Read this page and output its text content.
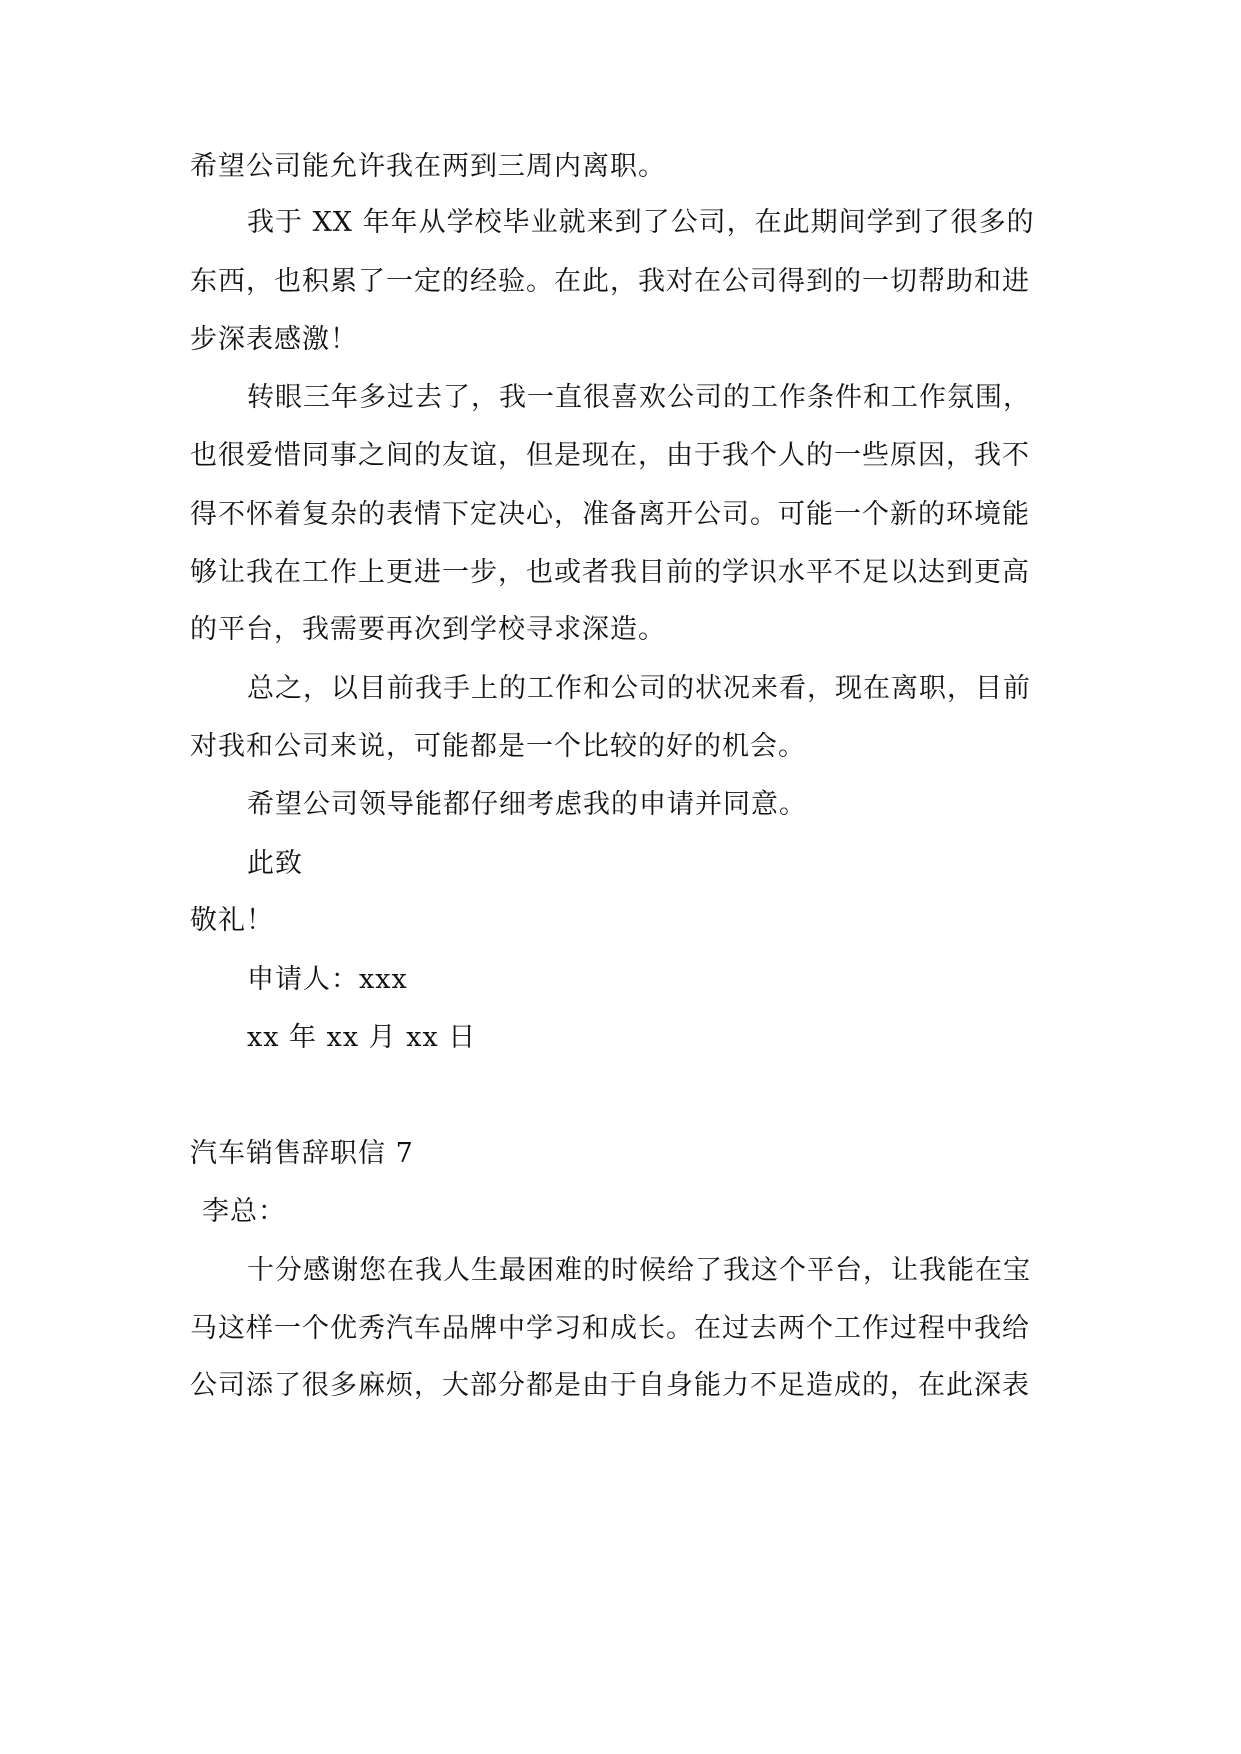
希望公司能允许我在两到三周内离职。
我于 XX 年年从学校毕业就来到了公司，在此期间学到了很多的
东西，也积累了一定的经验。在此，我对在公司得到的一切帮助和进
步深表感激！
转眼三年多过去了，我一直很喜欢公司的工作条件和工作氛围，
也很爱惜同事之间的友谊，但是现在，由于我个人的一些原因，我不
得不怀着复杂的表情下定决心，准备离开公司。可能一个新的环境能
够让我在工作上更进一步，也或者我目前的学识水平不足以达到更高
的平台，我需要再次到学校寻求深造。
总之，以目前我手上的工作和公司的状况来看，现在离职，目前
对我和公司来说，可能都是一个比较的好的机会。
希望公司领导能都仔细考虑我的申请并同意。
此致
敬礼！
申请人：xxx
xx 年 xx 月 xx 日
汽车销售辞职信 7
李总：
十分感谢您在我人生最困难的时候给了我这个平台，让我能在宝
马这样一个优秀汽车品牌中学习和成长。在过去两个工作过程中我给
公司添了很多麻烦，大部分都是由于自身能力不足造成的，在此深表
